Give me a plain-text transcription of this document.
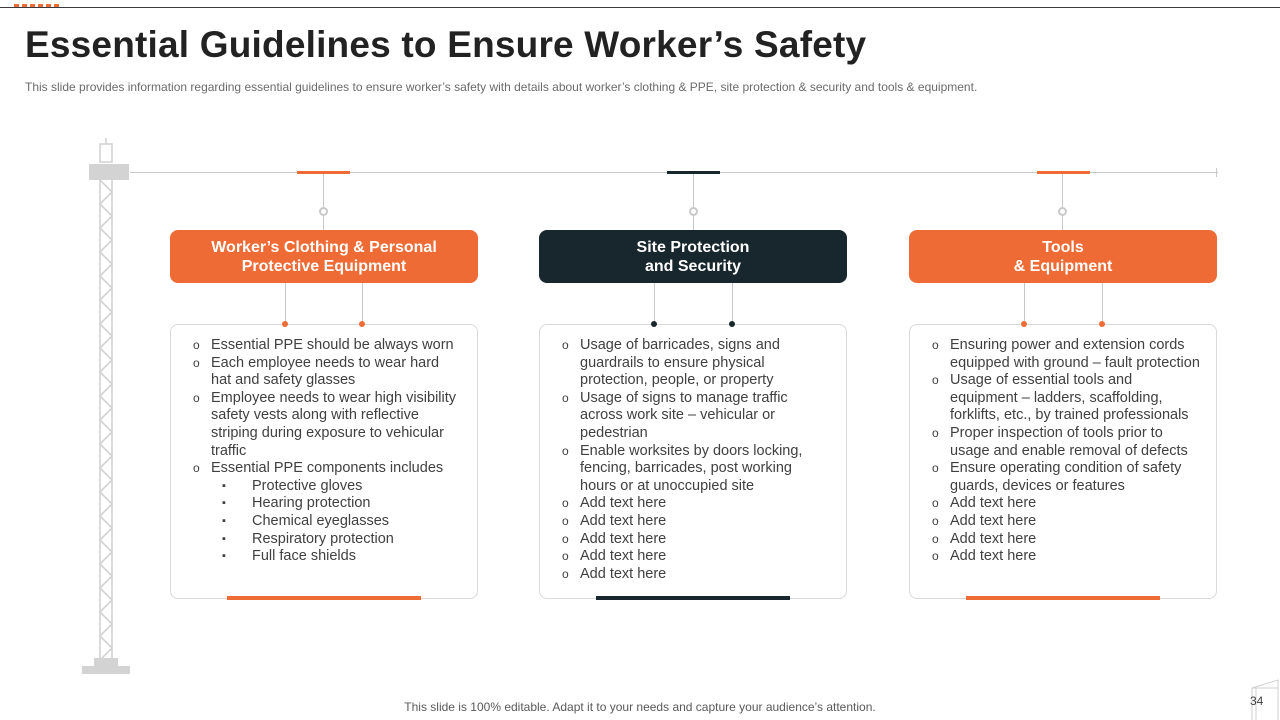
Essential Guidelines to Ensure Worker’s Safety

This slide provides information regarding essential guidelines to ensure worker’s safety with details about worker’s clothing & PPE, site protection & security and tools & equipment.

Worker’s Clothing & Personal
Protective Equipment
Site Protection
and Security
Tools
& Equipment
o Essential PPE should be always worn
o Each employee needs to wear hard hat and safety glasses
o Employee needs to wear high visibility safety vests along with reflective striping during exposure to vehicular traffic
o Essential PPE components includes
▪ Protective gloves
▪ Hearing protection
▪ Chemical eyeglasses
▪ Respiratory protection
▪ Full face shields
o Usage of barricades, signs and guardrails to ensure physical protection, people, or property
o Usage of signs to manage traffic across work site – vehicular or pedestrian
o Enable worksites by doors locking, fencing, barricades, post working hours or at unoccupied site
o Add text here
o Add text here
o Add text here
o Add text here
o Add text here
o Ensuring power and extension cords equipped with ground – fault protection
o Usage of essential tools and equipment – ladders, scaffolding, forklifts, etc., by trained professionals
o Proper inspection of tools prior to usage and enable removal of defects
o Ensure operating condition of safety guards, devices or features
o Add text here
o Add text here
o Add text here
o Add text here
This slide is 100% editable. Adapt it to your needs and capture your audience’s attention.	34
